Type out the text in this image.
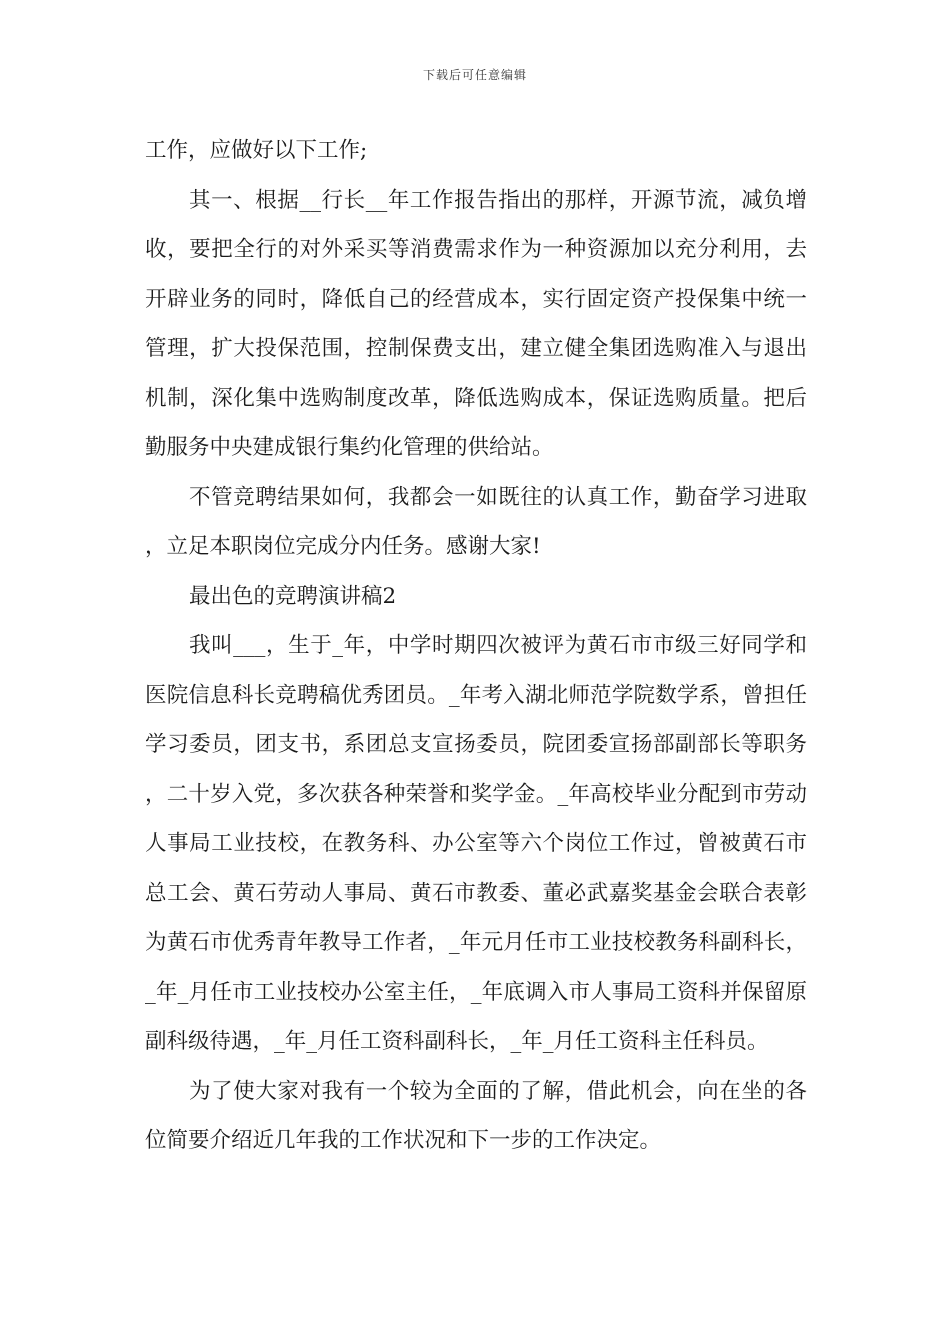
下载后可任意编辑

工作，应做好以下工作;

其一、根据__行长__年工作报告指出的那样，开源节流，减负增收，要把全行的对外采买等消费需求作为一种资源加以充分利用，去开辟业务的同时，降低自己的经营成本，实行固定资产投保集中统一管理，扩大投保范围，控制保费支出，建立健全集团选购准入与退出机制，深化集中选购制度改革，降低选购成本，保证选购质量。把后勤服务中央建成银行集约化管理的供给站。

不管竞聘结果如何，我都会一如既往的认真工作，勤奋学习进取，立足本职岗位完成分内任务。感谢大家!

最出色的竞聘演讲稿2

我叫___，生于_年，中学时期四次被评为黄石市市级三好同学和医院信息科长竞聘稿优秀团员。_年考入湖北师范学院数学系，曾担任学习委员，团支书，系团总支宣扬委员，院团委宣扬部副部长等职务，二十岁入党，多次获各种荣誉和奖学金。_年高校毕业分配到市劳动人事局工业技校，在教务科、办公室等六个岗位工作过，曾被黄石市总工会、黄石劳动人事局、黄石市教委、董必武嘉奖基金会联合表彰为黄石市优秀青年教导工作者，_年元月任市工业技校教务科副科长，_年_月任市工业技校办公室主任，_年底调入市人事局工资科并保留原副科级待遇，_年_月任工资科副科长，_年_月任工资科主任科员。

为了使大家对我有一个较为全面的了解，借此机会，向在坐的各位简要介绍近几年我的工作状况和下一步的工作决定。
